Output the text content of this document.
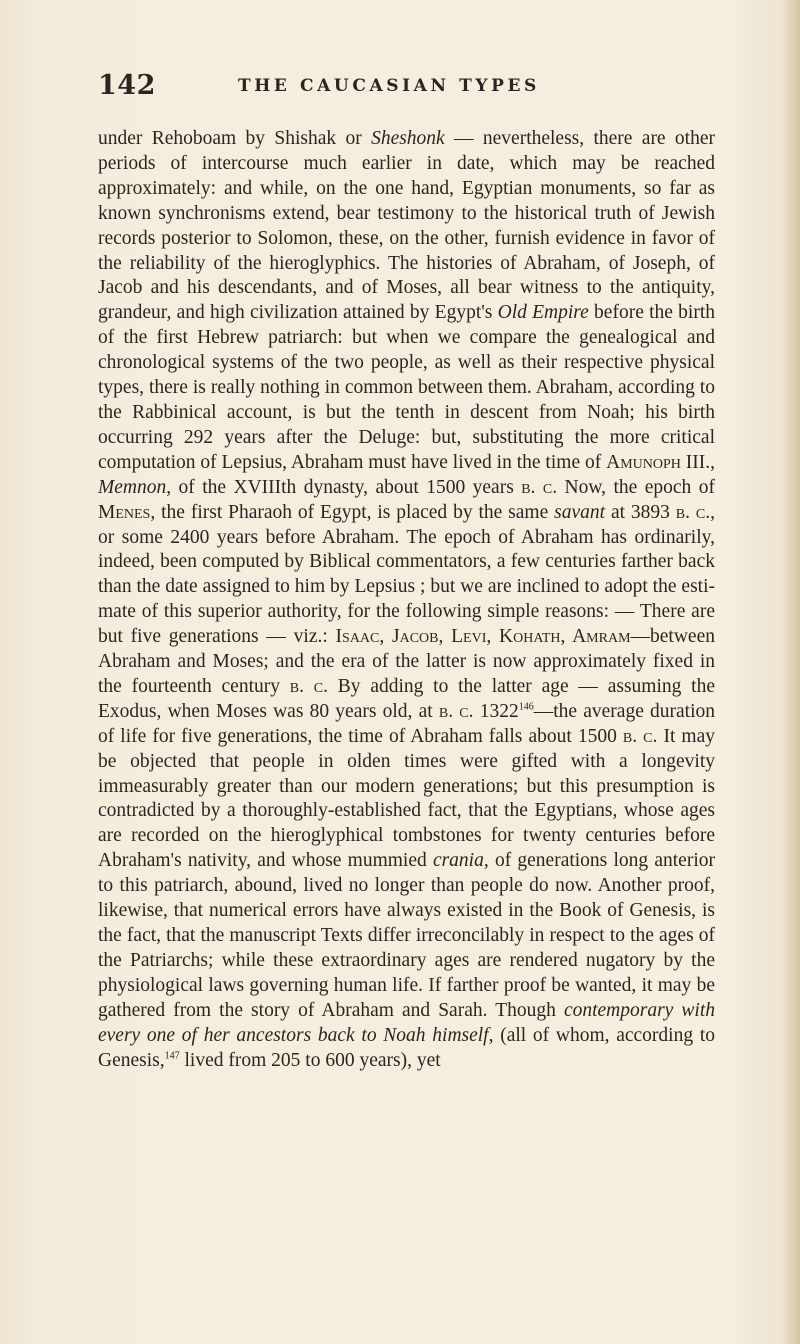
142	THE CAUCASIAN TYPES

under Rehoboam by Shishak or Sheshonk — nevertheless, there are other periods of intercourse much earlier in date, which may be reached approximately: and while, on the one hand, Egyptian monuments, so far as known synchronisms extend, bear testimony to the historical truth of Jewish records posterior to Solomon, these, on the other, furnish evidence in favor of the reliability of the hieroglyphics. The histories of Abraham, of Joseph, of Jacob and his descendants, and of Moses, all bear witness to the antiquity, grandeur, and high civilization attained by Egypt's Old Empire before the birth of the first Hebrew patriarch: but when we compare the genealogical and chronological systems of the two people, as well as their respective physical types, there is really nothing in common between them. Abraham, according to the Rabbinical account, is but the tenth in descent from Noah; his birth occurring 292 years after the Deluge: but, substituting the more critical computation of Lepsius, Abraham must have lived in the time of Amunoph III., Memnon, of the XVIIIth dynasty, about 1500 years b. c. Now, the epoch of Menes, the first Pharaoh of Egypt, is placed by the same savant at 3893 b. c., or some 2400 years before Abraham. The epoch of Abraham has ordinarily, indeed, been computed by Biblical commentators, a few centuries farther back than the date assigned to him by Lepsius ; but we are inclined to adopt the estimate of this superior authority, for the following simple reasons: — There are but five generations — viz.: Isaac, Jacob, Levi, Kohath, Amram—between Abraham and Moses; and the era of the latter is now approximately fixed in the fourteenth century b. c. By adding to the latter age — assuming the Exodus, when Moses was 80 years old, at b. c. 1322$^{146}$—the average duration of life for five generations, the time of Abraham falls about 1500 b. c. It may be objected that people in olden times were gifted with a longevity immeasurably greater than our modern generations; but this presumption is contradicted by a thoroughly-established fact, that the Egyptians, whose ages are recorded on the hieroglyphical tombstones for twenty centuries before Abraham's nativity, and whose mummied crania, of generations long anterior to this patriarch, abound, lived no longer than people do now. Another proof, likewise, that numerical errors have always existed in the Book of Genesis, is the fact, that the manuscript Texts differ irreconcilably in respect to the ages of the Patriarchs; while these extraordinary ages are rendered nugatory by the physiological laws governing human life. If farther proof be wanted, it may be gathered from the story of Abraham and Sarah. Though contemporary with every one of her ancestors back to Noah himself, (all of whom, according to Genesis,$^{147}$ lived from 205 to 600 years), yet
